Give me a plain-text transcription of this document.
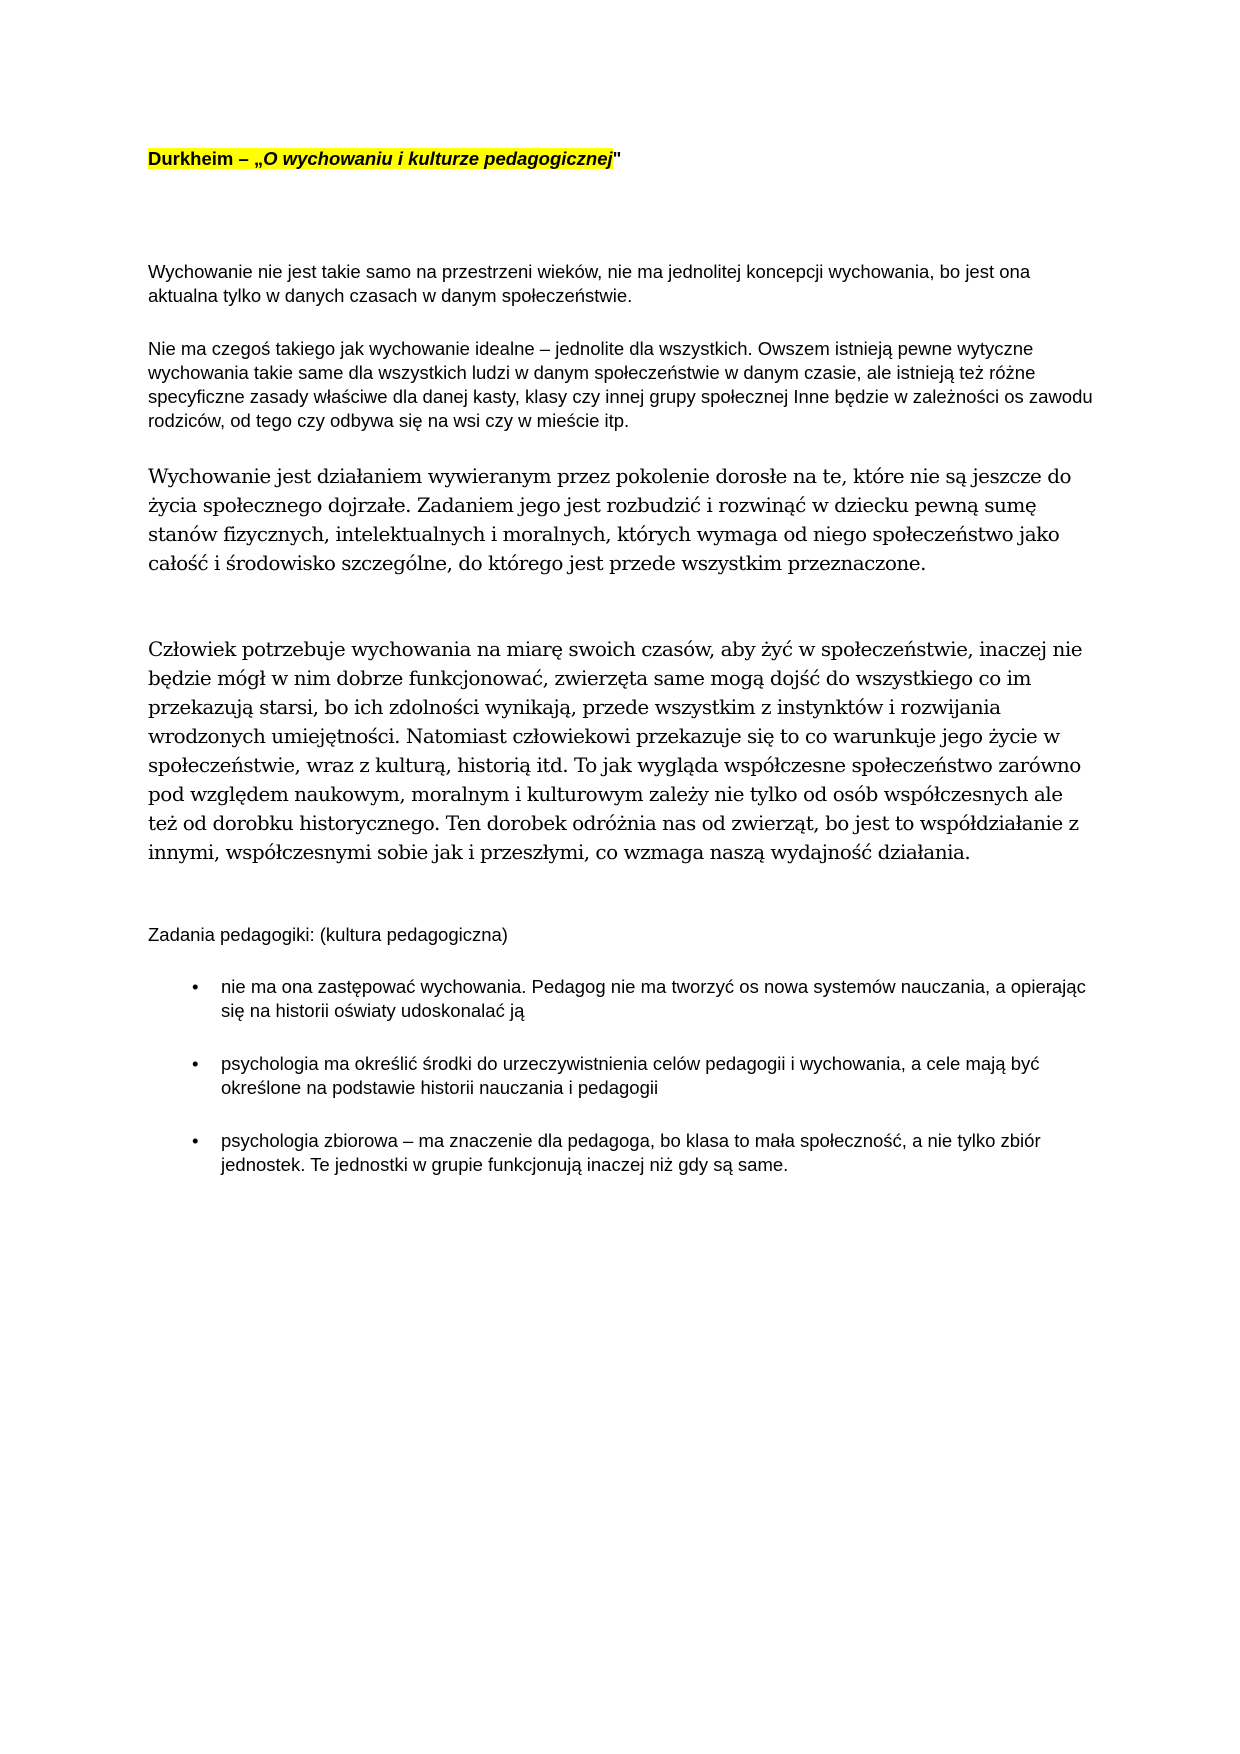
Durkheim – „O wychowaniu i kulturze pedagogicznej"

Wychowanie nie jest takie samo na przestrzeni wieków, nie ma jednolitej koncepcji wychowania, bo jest ona aktualna tylko w danych czasach w danym społeczeństwie.

Nie ma czegoś takiego jak wychowanie idealne – jednolite dla wszystkich. Owszem istnieją pewne wytyczne wychowania takie same dla wszystkich ludzi w danym społeczeństwie w danym czasie, ale istnieją też różne specyficzne zasady właściwe dla danej kasty, klasy czy innej grupy społecznej Inne będzie w zależności os zawodu rodziców, od tego czy odbywa się na wsi czy w mieście itp.

Wychowanie jest działaniem wywieranym przez pokolenie dorosłe na te, które nie są jeszcze do życia społecznego dojrzałe. Zadaniem jego jest rozbudzić i rozwinąć w dziecku pewną sumę stanów fizycznych, intelektualnych i moralnych, których wymaga od niego społeczeństwo jako całość i środowisko szczególne, do którego jest przede wszystkim przeznaczone.

Człowiek potrzebuje wychowania na miarę swoich czasów, aby żyć w społeczeństwie, inaczej nie będzie mógł w nim dobrze funkcjonować, zwierzęta same mogą dojść do wszystkiego co im przekazują starsi, bo ich zdolności wynikają, przede wszystkim z instynktów i rozwijania wrodzonych umiejętności. Natomiast człowiekowi przekazuje się to co warunkuje jego życie w społeczeństwie, wraz z kulturą, historią itd. To jak wygląda współczesne społeczeństwo zarówno pod względem naukowym, moralnym i kulturowym zależy nie tylko od osób współczesnych ale też od dorobku historycznego. Ten dorobek odróżnia nas od zwierząt, bo jest to współdziałanie z innymi, współczesnymi sobie jak i przeszłymi, co wzmaga naszą wydajność działania.

Zadania pedagogiki: (kultura pedagogiczna)

• nie ma ona zastępować wychowania. Pedagog nie ma tworzyć os nowa systemów nauczania, a opierając się na historii oświaty udoskonalać ją
• psychologia ma określić środki do urzeczywistnienia celów pedagogii i wychowania, a cele mają być określone na podstawie historii nauczania i pedagogii
• psychologia zbiorowa – ma znaczenie dla pedagoga, bo klasa to mała społeczność, a nie tylko zbiór jednostek. Te jednostki w grupie funkcjonują inaczej niż gdy są same.
